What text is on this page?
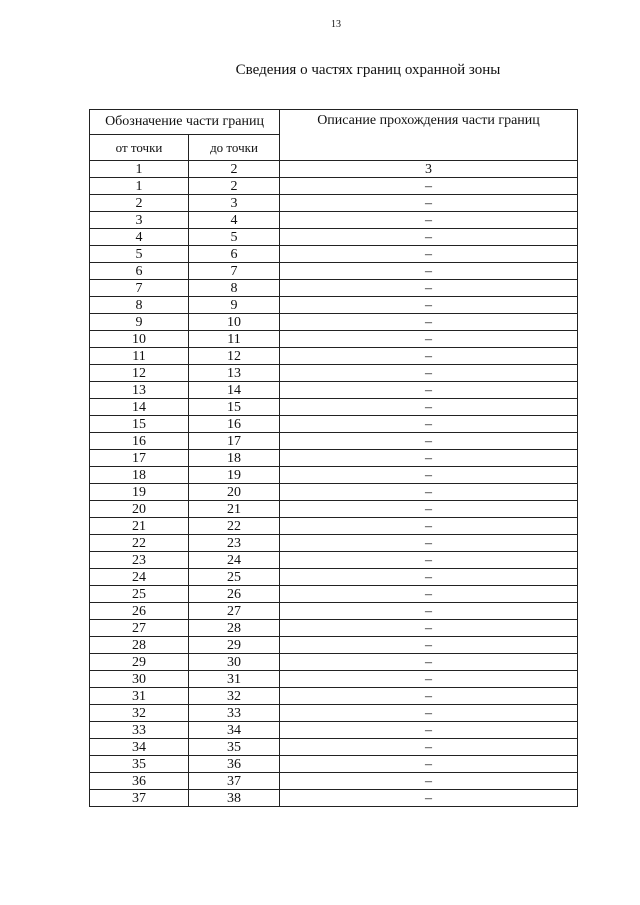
13
Сведения о частях границ охранной зоны
Обозначение части границ		Описание прохождения части границ
от точки	до точки	
1	2	3
1	2	–
2	3	–
3	4	–
4	5	–
5	6	–
6	7	–
7	8	–
8	9	–
9	10	–
10	11	–
11	12	–
12	13	–
13	14	–
14	15	–
15	16	–
16	17	–
17	18	–
18	19	–
19	20	–
20	21	–
21	22	–
22	23	–
23	24	–
24	25	–
25	26	–
26	27	–
27	28	–
28	29	–
29	30	–
30	31	–
31	32	–
32	33	–
33	34	–
34	35	–
35	36	–
36	37	–
37	38	–
